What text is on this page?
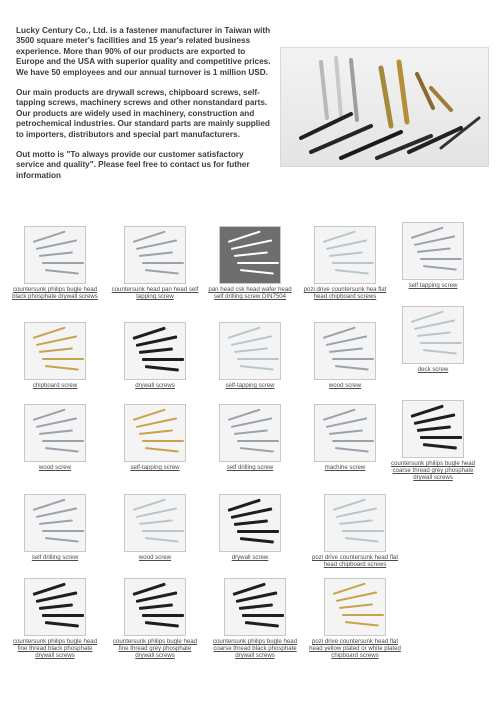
Lucky Century Co., Ltd. is a fastener manufacturer in Taiwan with 3500 square meter's facilities and 15 year's related business experience. More than 90% of our products are exported to Europe and the USA with superior quality and competitive prices. We have 50 employees and our annual turnover is 1 million USD.

Our main products are drywall screws, chipboard screws, self-tapping screws, machinery screws and other nonstandard parts. Our products are widely used in machinery, construction and petrochemical industries. Our standard parts are mainly supplied to importers, distributors and special part manufacturers.

Out motto is "To always provide our customer satisfactory service and quality". Please feel free to contact us for futher information

countersunk philips bugle head black phosphate drywall screws
countersunk head pan head self tapping screw
pan head csk head wafer head self drilling screw DIN7504
pozi drive countersunk hea flat head chipboard screws
self tapping screw
chipboard screw	drywall screws	self-tapping screw	wood screw
deck screw
wood screw	self-tapping screw	self drilling screw	machine screw
countersunk philips bugle head coarse thread grey phosphate drywall screws
self drilling screw	wood screw	drywall screw	pozi drive countersunk head flat head chipboard screws
countersunk philips bugle head fine thread black phosphate drywall screws
countersunk philips bugle head fine thread grey phosphate drywall screws
countersunk philips bugle head coarse thread black phosphate drywall screws
pozi drive countersunk head flat head yellow plated or white plated chipboard screws
